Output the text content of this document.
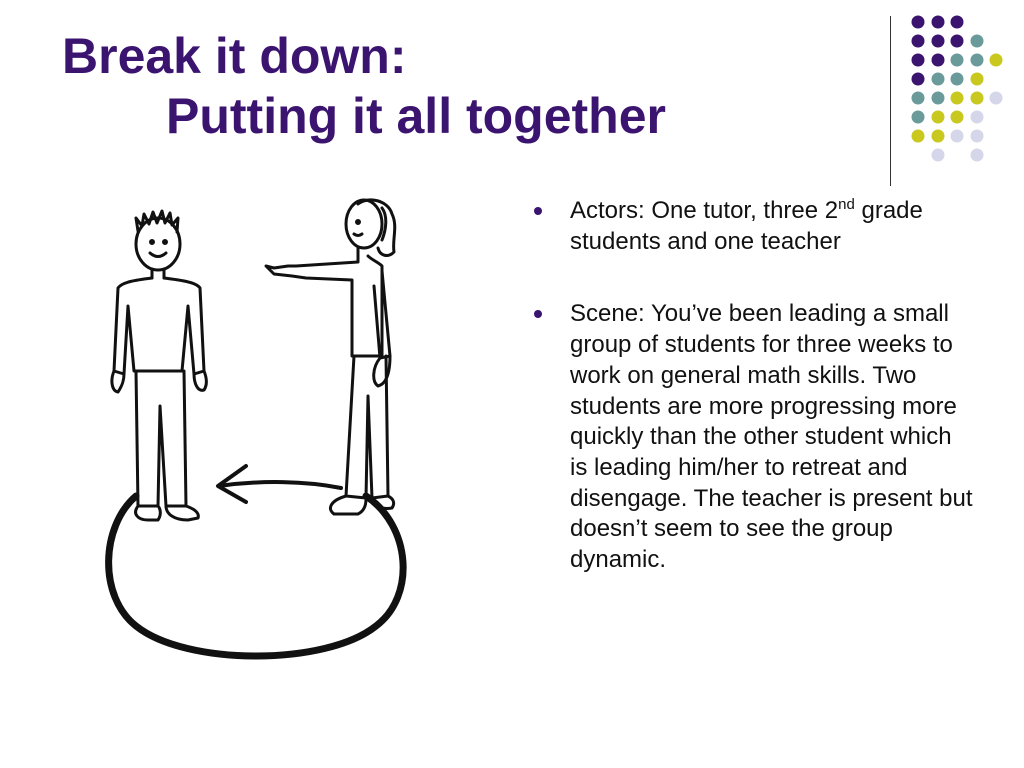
Break it down:
Putting it all together
Actors: One tutor, three 2nd grade students and one teacher
Scene: You’ve been leading a small group of students for three weeks to work on general math skills. Two students are more progressing more quickly than the other student which is leading him/her to retreat and disengage. The teacher is present but doesn’t seem to see the group dynamic.
